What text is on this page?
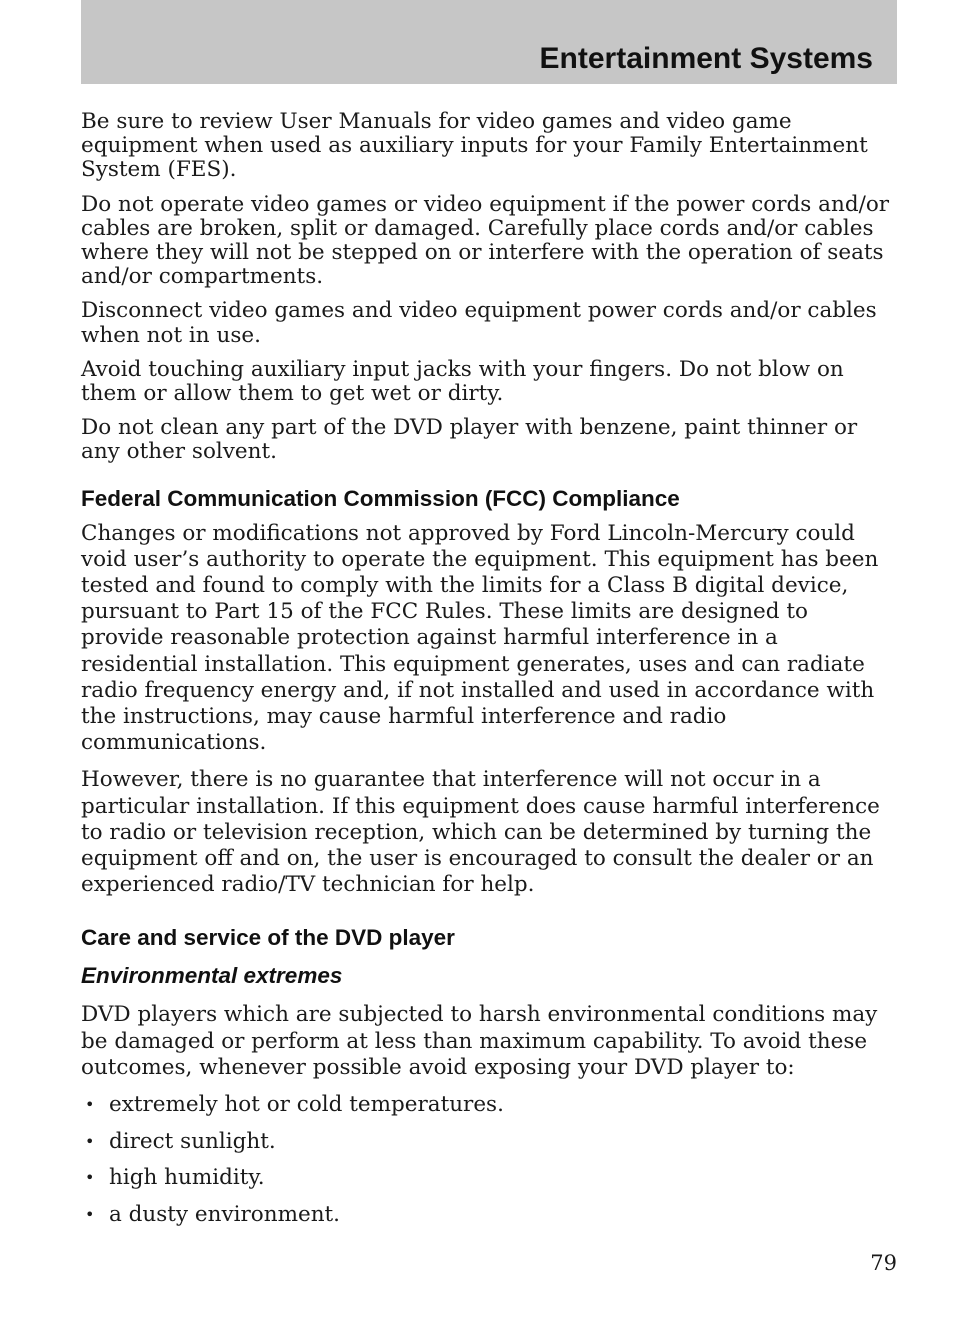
Entertainment Systems

Be sure to review User Manuals for video games and video game equipment when used as auxiliary inputs for your Family Entertainment System (FES).

Do not operate video games or video equipment if the power cords and/or cables are broken, split or damaged. Carefully place cords and/or cables where they will not be stepped on or interfere with the operation of seats and/or compartments.

Disconnect video games and video equipment power cords and/or cables when not in use.

Avoid touching auxiliary input jacks with your fingers. Do not blow on them or allow them to get wet or dirty.

Do not clean any part of the DVD player with benzene, paint thinner or any other solvent.

Federal Communication Commission (FCC) Compliance

Changes or modifications not approved by Ford Lincoln-Mercury could void user’s authority to operate the equipment. This equipment has been tested and found to comply with the limits for a Class B digital device, pursuant to Part 15 of the FCC Rules. These limits are designed to provide reasonable protection against harmful interference in a residential installation. This equipment generates, uses and can radiate radio frequency energy and, if not installed and used in accordance with the instructions, may cause harmful interference and radio communications.

However, there is no guarantee that interference will not occur in a particular installation. If this equipment does cause harmful interference to radio or television reception, which can be determined by turning the equipment off and on, the user is encouraged to consult the dealer or an experienced radio/TV technician for help.

Care and service of the DVD player
Environmental extremes

DVD players which are subjected to harsh environmental conditions may be damaged or perform at less than maximum capability. To avoid these outcomes, whenever possible avoid exposing your DVD player to:

• extremely hot or cold temperatures.
• direct sunlight.
• high humidity.
• a dusty environment.
79
